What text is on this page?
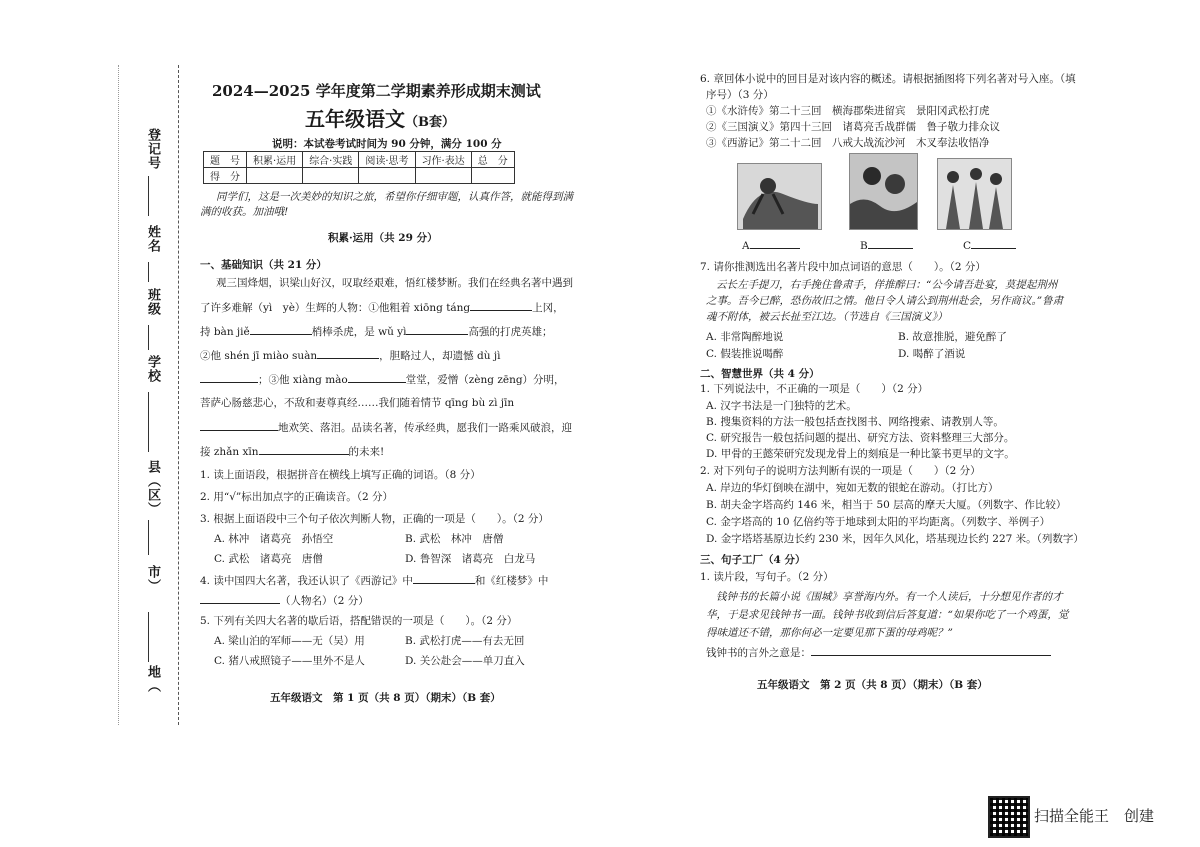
登记号
姓名
班级
学校
县（区）
市）
地（
2024—2025 学年度第二学期素养形成期末测试
五年级语文（B套）
说明：本试卷考试时间为 90 分钟，满分 100 分
题　号	积累·运用	综合·实践	阅读·思考	习作·表达	总　分
得　分					
同学们，这是一次美妙的知识之旅，希望你仔细审题，认真作答，就能得到满
满的收获。加油哦!
积累·运用（共 29 分）
一、基础知识（共 21 分）
观三国烽烟，识梁山好汉，叹取经艰难，悟红楼梦断。我们在经典名著中遇到
了许多难解（yì　yè）生辉的人物：①他粗着 xiōng táng	上冈，
持 bàn jiě	梢棒杀虎，是 wǔ yì	高强的打虎英雄；
②他 shén jī miào suàn	，胆略过人，却遗憾 dù jì
；③他 xiàng mào	堂堂，爱憎（zèng zēng）分明，
菩萨心肠慈悲心，不敌和妻尊真经……我们随着情节 qīng bù zì jīn
地欢笑、落泪。品读名著，传承经典，愿我们一路乘风破浪，迎
接 zhǎn xīn	的未来!
1. 读上面语段，根据拼音在横线上填写正确的词语。（8 分）
2. 用“√”标出加点字的正确读音。（2 分）
3. 根据上面语段中三个句子依次判断人物，正确的一项是（　　）。（2 分）
A. 林冲　诸葛亮　孙悟空	B. 武松　林冲　唐僧
C. 武松　诸葛亮　唐僧	D. 鲁智深　诸葛亮　白龙马
4. 读中国四大名著，我还认识了《西游记》中	和《红楼梦》中
（人物名）（2 分）
5. 下列有关四大名著的歇后语，搭配错误的一项是（　　）。（2 分）
A. 梁山泊的军师——无（吴）用	B. 武松打虎——有去无回
C. 猪八戒照镜子——里外不是人	D. 关公赴会——单刀直入
五年级语文　第 1 页（共 8 页）（期末）（B 套）
6. 章回体小说中的回目是对该内容的概述。请根据插图将下列名著对号入座。（填
序号）（3 分）
①《水浒传》第二十三回　横海郡柴进留宾　景阳冈武松打虎
②《三国演义》第四十三回　诸葛亮舌战群儒　鲁子敬力排众议
③《西游记》第二十二回　八戒大战流沙河　木叉奉法收悟净
A	B	C
7. 请你推测选出名著片段中加点词语的意思（　　）。（2 分）
云长左手提刀，右手挽住鲁肃手，佯推醉曰：“公今请吾赴宴，莫提起荆州
之事。吾今已醉，恐伤故旧之情。他日令人请公到荆州赴会，另作商议。”鲁肃
魂不附体，被云长扯至江边。（节选自《三国演义》）
A. 非常陶醉地说	B. 故意推脱，避免醉了
C. 假装推说喝醉	D. 喝醉了酒说
二、智慧世界（共 4 分）
1. 下列说法中，不正确的一项是（　　）（2 分）
A. 汉字书法是一门独特的艺术。
B. 搜集资料的方法一般包括查找图书、网络搜索、请教别人等。
C. 研究报告一般包括问题的提出、研究方法、资料整理三大部分。
D. 甲骨的王懿荣研究发现龙骨上的刻痕是一种比篆书更早的文字。
2. 对下列句子的说明方法判断有误的一项是（　　）（2 分）
A. 岸边的华灯倒映在湖中，宛如无数的银蛇在游动。（打比方）
B. 胡夫金字塔高约 146 米，相当于 50 层高的摩天大厦。（列数字、作比较）
C. 金字塔高的 10 亿倍约等于地球到太阳的平均距离。（列数字、举例子）
D. 金字塔塔基原边长约 230 米，因年久风化，塔基现边长约 227 米。（列数字）
三、句子工厂（4 分）
1. 读片段，写句子。（2 分）
钱钟书的长篇小说《围城》享誉海内外。有一个人读后，十分想见作者的才
华，于是求见钱钟书一面。钱钟书收到信后答复道：“如果你吃了一个鸡蛋，觉
得味道还不错，那你何必一定要见那下蛋的母鸡呢？”
钱钟书的言外之意是：
五年级语文　第 2 页（共 8 页）（期末）（B 套）
扫描全能王　创建
